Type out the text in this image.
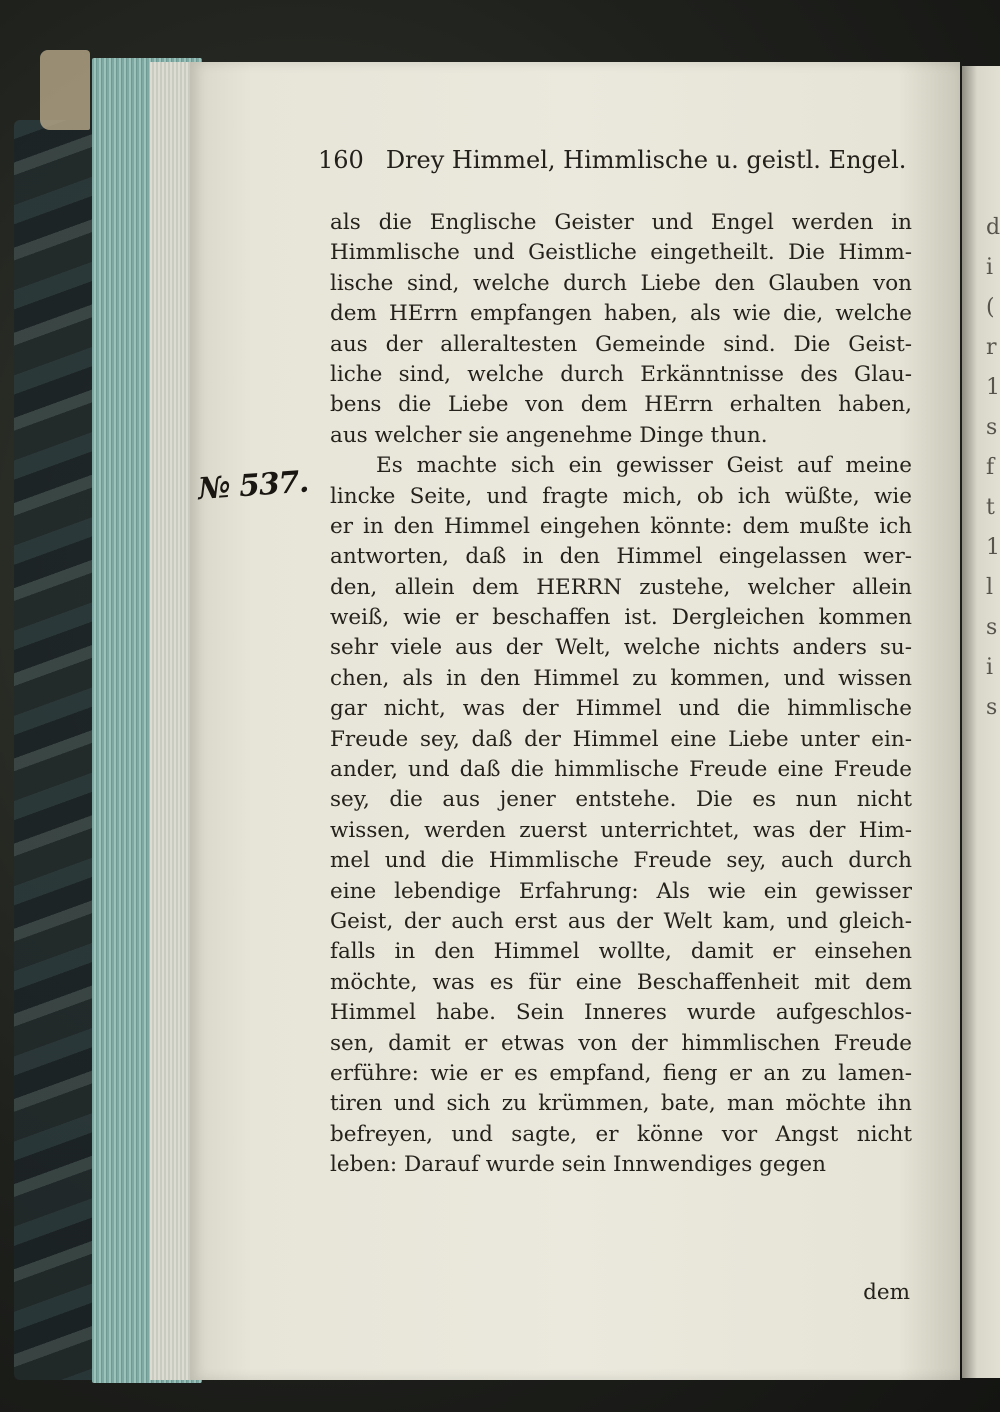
d i ( r 1 s f t 1 l s i s
160 Drey Himmel, Himmlische u. geistl. Engel.
№ 537.
als die Englische Geister und Engel werden in
Himmlische und Geistliche eingetheilt. Die Himm-
lische sind, welche durch Liebe den Glauben von
dem HErrn empfangen haben, als wie die, welche
aus der alleraltesten Gemeinde sind. Die Geist-
liche sind, welche durch Erkänntnisse des Glau-
bens die Liebe von dem HErrn erhalten haben,
aus welcher sie angenehme Dinge thun.
Es machte sich ein gewisser Geist auf meine
lincke Seite, und fragte mich, ob ich wüßte, wie
er in den Himmel eingehen könnte: dem mußte ich
antworten, daß in den Himmel eingelassen wer-
den, allein dem HERRN zustehe, welcher allein
weiß, wie er beschaffen ist. Dergleichen kommen
sehr viele aus der Welt, welche nichts anders su-
chen, als in den Himmel zu kommen, und wissen
gar nicht, was der Himmel und die himmlische
Freude sey, daß der Himmel eine Liebe unter ein-
ander, und daß die himmlische Freude eine Freude
sey, die aus jener entstehe. Die es nun nicht
wissen, werden zuerst unterrichtet, was der Him-
mel und die Himmlische Freude sey, auch durch
eine lebendige Erfahrung: Als wie ein gewisser
Geist, der auch erst aus der Welt kam, und gleich-
falls in den Himmel wollte, damit er einsehen
möchte, was es für eine Beschaffenheit mit dem
Himmel habe. Sein Inneres wurde aufgeschlos-
sen, damit er etwas von der himmlischen Freude
erführe: wie er es empfand, fieng er an zu lamen-
tiren und sich zu krümmen, bate, man möchte ihn
befreyen, und sagte, er könne vor Angst nicht
leben: Darauf wurde sein Innwendiges gegen
dem
